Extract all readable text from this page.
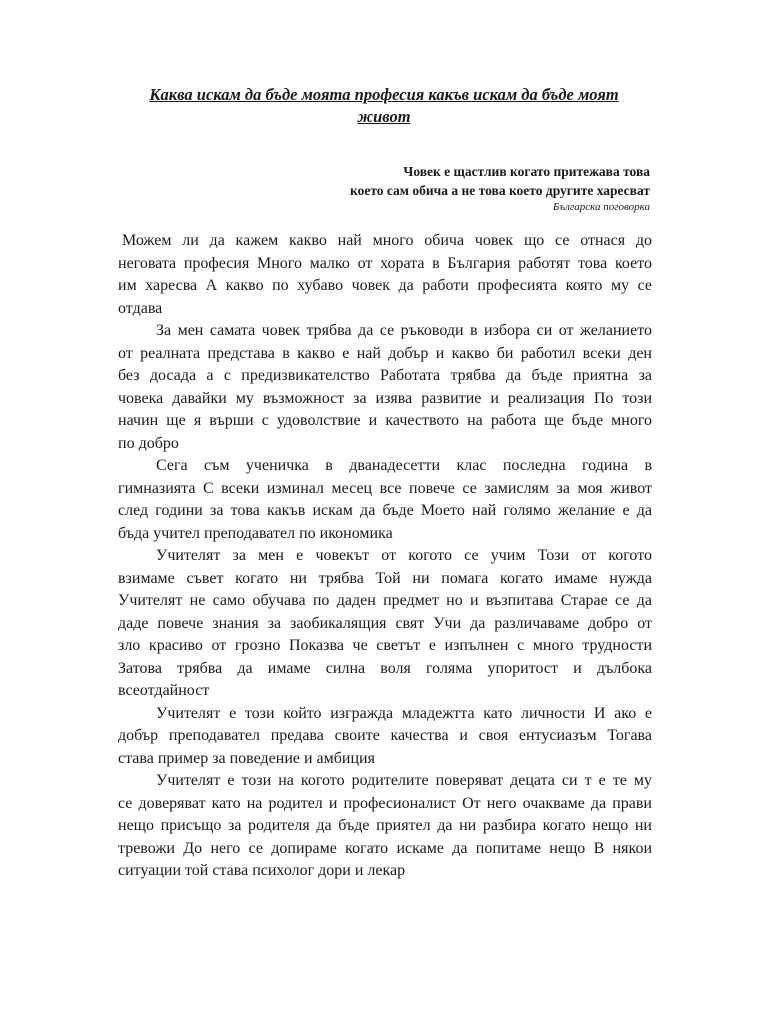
Каква искам да бъде моята професия какъв искам да бъде моят
живот
Човек е щастлив когато притежава това
което сам обича а не това което другите харесват
Българска поговорка
Можем ли да кажем какво най много обича човек що се отнася до
неговата професия Много малко от хората в България работят това което
им харесва А какво по хубаво човек да работи професията която му се
отдава
За мен самата човек трябва да се ръководи в избора си от желанието
от реалната представа в какво е най добър и какво би работил всеки ден
без досада а с предизвикателство Работата трябва да бъде приятна за
човека давайки му възможност за изява развитие и реализация По този
начин ще я върши с удоволствие и качеството на работа ще бъде много
по добро
Сега съм ученичка в дванадесетти клас последна година в
гимназията С всеки изминал месец все повече се замислям за моя живот
след години за това какъв искам да бъде Моето най голямо желание е да
бъда учител преподавател по икономика
Учителят за мен е човекът от когото се учим Този от когото
взимаме съвет когато ни трябва Той ни помага когато имаме нужда
Учителят не само обучава по даден предмет но и възпитава Старае се да
даде повече знания за заобикалящия свят Учи да различаваме добро от
зло красиво от грозно Показва че светът е изпълнен с много трудности
Затова трябва да имаме силна воля голяма упоритост и дълбока
всеотдайност
Учителят е този който изгражда младежтта като личности И ако е
добър преподавател предава своите качества и своя ентусиазъм Тогава
става пример за поведение и амбиция
Учителят е този на когото родителите поверяват децата си т е те му
се доверяват като на родител и професионалист От него очакваме да прави
нещо присъщо за родителя да бъде приятел да ни разбира когато нещо ни
тревожи До него се допираме когато искаме да попитаме нещо В някои
ситуации той става психолог дори и лекар
